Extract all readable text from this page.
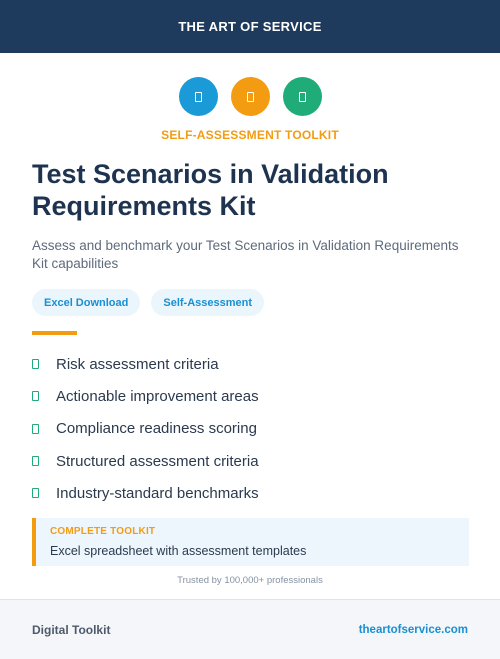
THE ART OF SERVICE
SELF-ASSESSMENT TOOLKIT
Test Scenarios in Validation Requirements Kit

Assess and benchmark your Test Scenarios in Validation Requirements Kit capabilities

Excel Download	Self-Assessment
Risk assessment criteria
Actionable improvement areas
Compliance readiness scoring
Structured assessment criteria
Industry-standard benchmarks
COMPLETE TOOLKIT
Excel spreadsheet with assessment templates
Trusted by 100,000+ professionals
Digital Toolkit	theartofservice.com
